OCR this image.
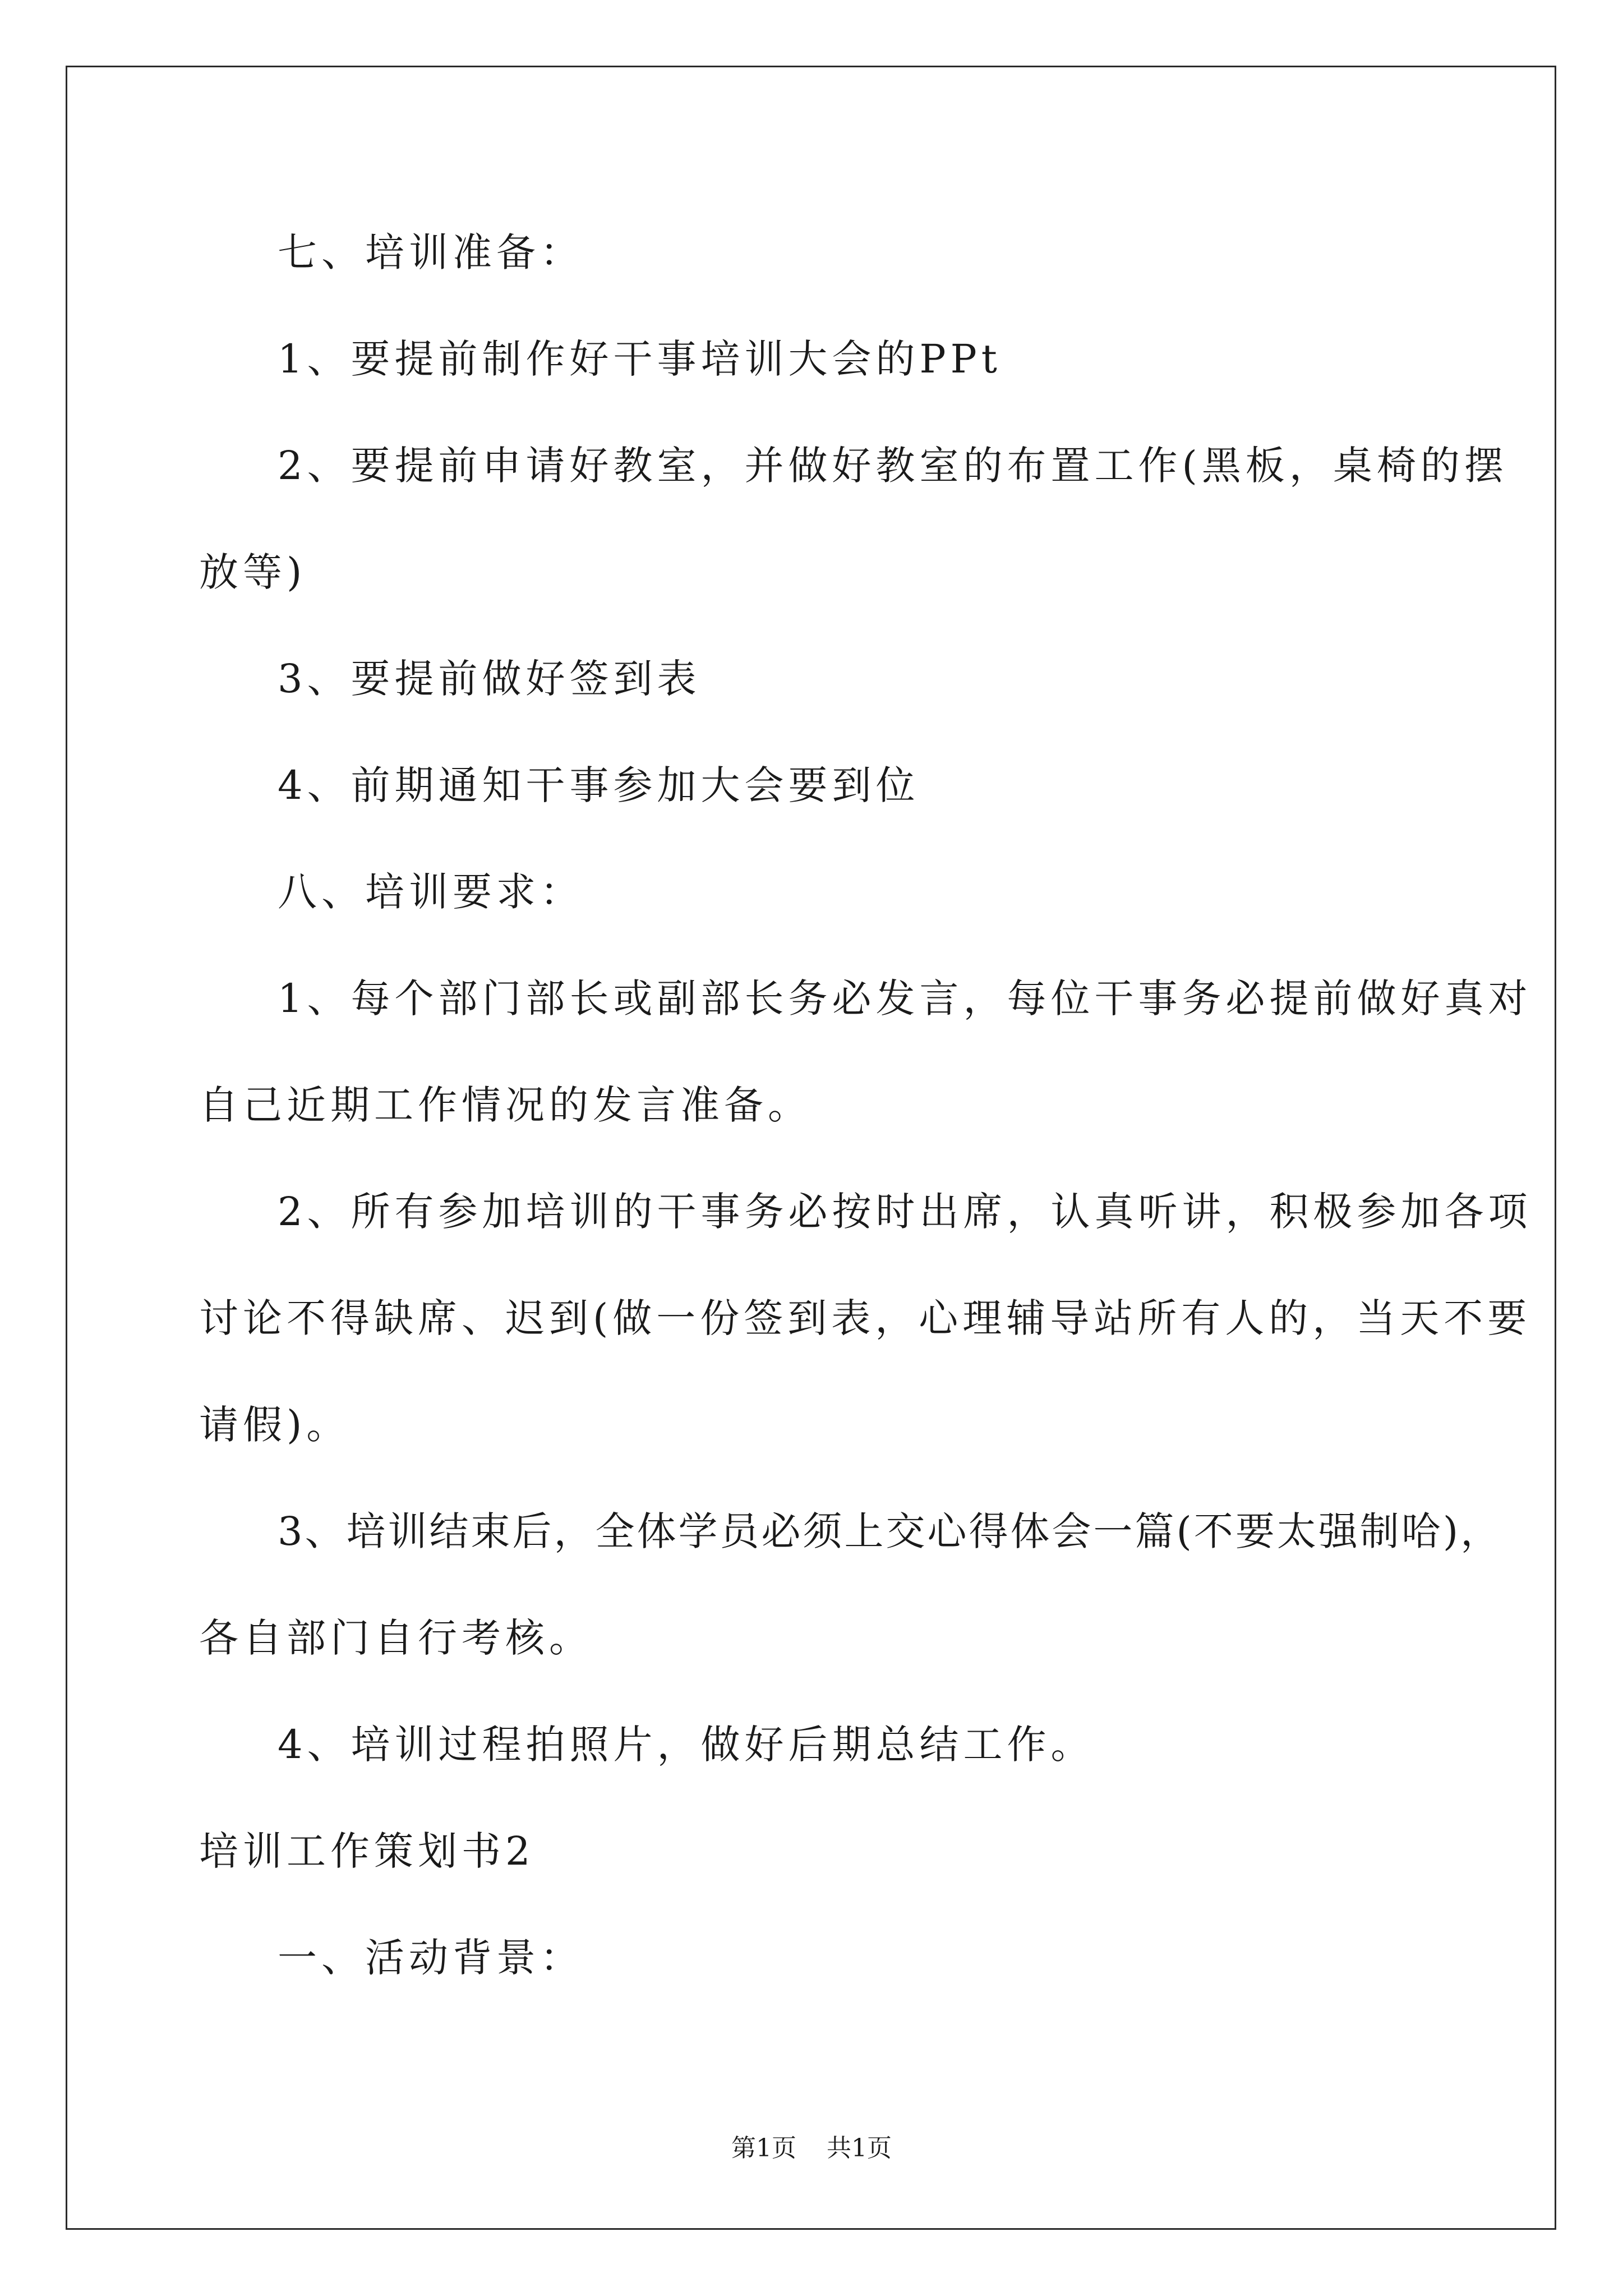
七、培训准备：
1、要提前制作好干事培训大会的PPt
2、要提前申请好教室，并做好教室的布置工作(黑板，桌椅的摆
放等)
3、要提前做好签到表
4、前期通知干事参加大会要到位
八、培训要求：
1、每个部门部长或副部长务必发言，每位干事务必提前做好真对
自己近期工作情况的发言准备。
2、所有参加培训的干事务必按时出席，认真听讲，积极参加各项
讨论不得缺席、迟到(做一份签到表，心理辅导站所有人的，当天不要
请假)。
3、培训结束后，全体学员必须上交心得体会一篇(不要太强制哈)，
各自部门自行考核。
4、培训过程拍照片，做好后期总结工作。
培训工作策划书2
一、活动背景：
第1页 共1页
